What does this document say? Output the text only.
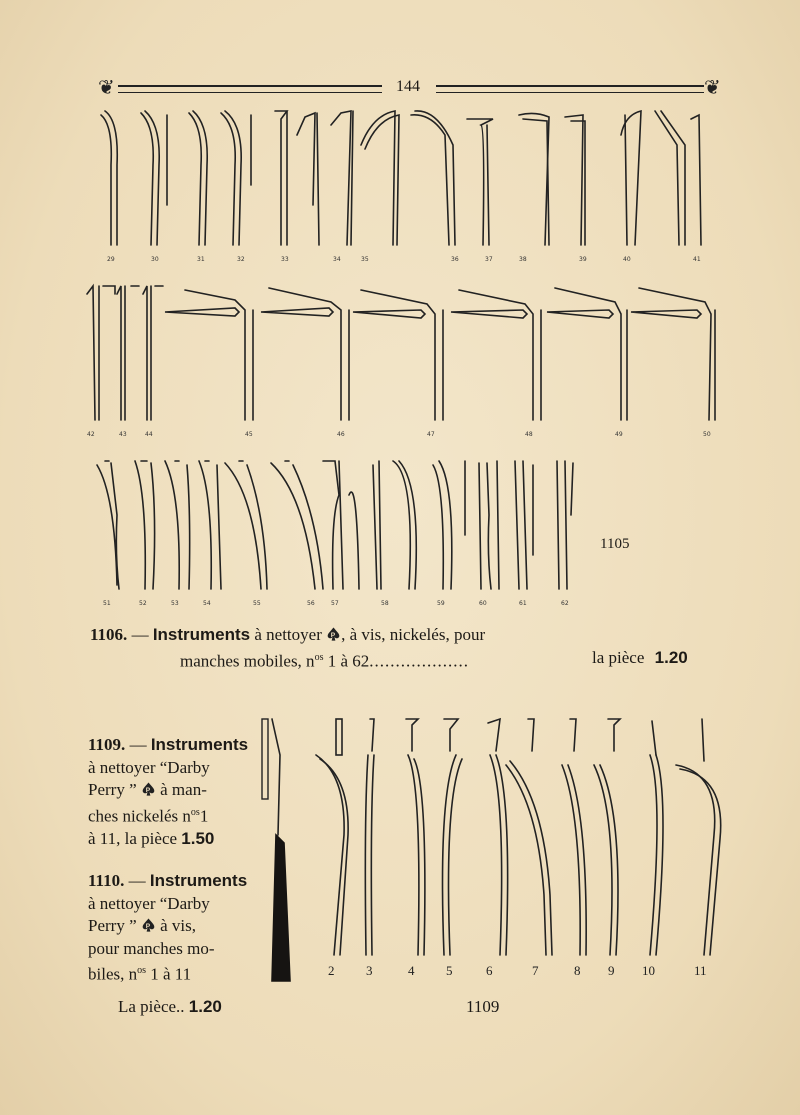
❦	144	❦
29	30	31	32	33	34	35	36	37	38	39	40	41
42	43	44	45	46	47	48	49	50
51	52	53	54	55	56	57	58	59	60	61	62
1105
1106. — Instruments à nettoyer P , à vis, nickelés, pour
manches mobiles, $n^{os}$ 1 à 62...................	la pièce 1.20
1109. — Instruments
à nettoyer “Darby
Perry ” P à man-
ches nickelés $n^{os}1$
à 11, la pièce 1.50
1110. — Instruments
à nettoyer “Darby
Perry ” P à vis,
pour manches mo-
biles, $n^{os}$ 1 à 11
La pièce.. 1.20
2 3	4 5	6	7	8 9 10	11
1109
